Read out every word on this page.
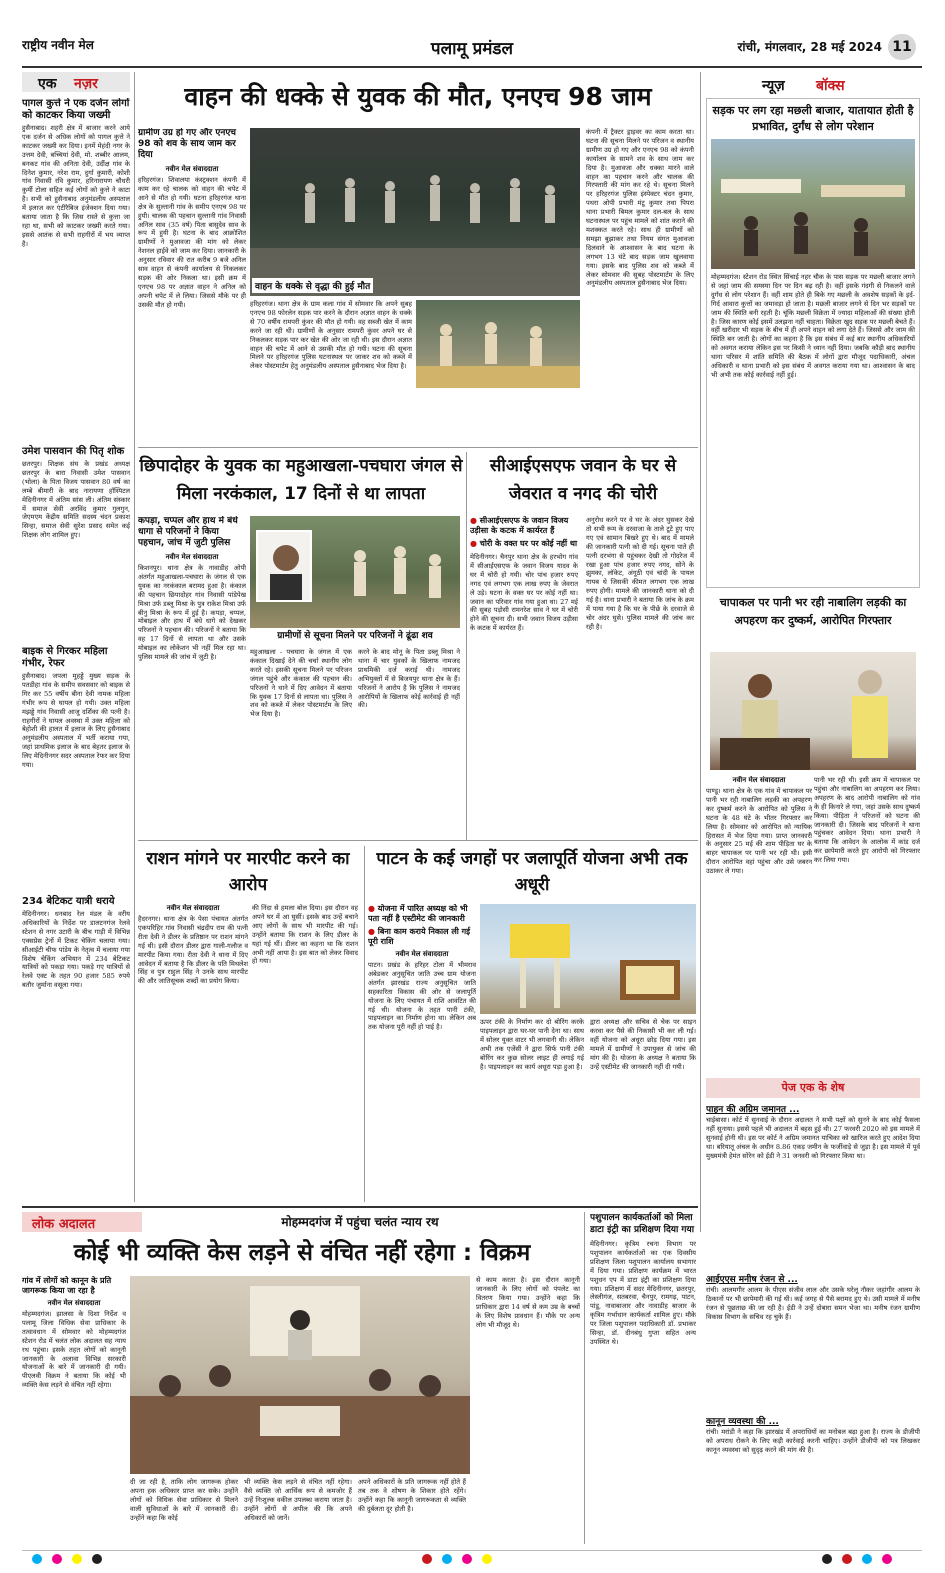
राष्ट्रीय नवीन मेल	पलामू प्रमंडल	रांची, मंगलवार, 28 मई 2024 11
एक नज़र
पागल कुत्ते ने एक दर्जन लोगों को काटकर किया जख्मी
हुसैनाबाद। शहरी क्षेत्र में बाजार करने आये एक दर्जन से अधिक लोगों को पागल कुत्ते ने काटकर जख्मी कर दिया। इनमें मेहंदी नगर के उत्तम देवी, बच्चियां देवी, मो. शब्बीर आलम, बनकट गांव की अनिता देवी, उर्दीक्ष गांव के दिनेश कुमार, नरेश राम, दुर्गा कुमारी, कोशी गांव निवासी रवि कुमार, हरिनारायण चौधरी कुर्मी टोला सहित कई लोगों को कुत्ते ने काटा है। सभी को हुसैनाबाद अनुमंडलीय अस्पताल में इलाज कर एंटीरैबिज इंजेक्शन दिया गया। बताया जाता है कि जिस रास्ते से कुत्ता जा रहा था, सभी को काटकर जख्मी करते गया। इससे आतंक से सभी राहगीरों में भय व्याप्त है।
उमेश पासवान की पितृ शोक
छतरपुर। शिक्षक संघ के प्रखंड अध्यक्ष छतरपुर के बारा निवासी उमेश पासवान (भोला) के पिता विजय पासवान 80 वर्ष का लम्बे बीमारी के बाद नारायणा हॉस्पिटल मेदिनीनगर में अंतिम सांस ली। अंतिम संस्कार में समाज सेवी अरविंद कुमार गुलगुन, जेएमएम केंद्रीय समिति सदस्य चंदन प्रकाश सिन्हा, समाज सेवी सुरेश प्रसाद समेत कई शिक्षक लोग शामिल हुए।
बाइक से गिरकर महिला गंभीर, रेफर
हुसैनाबाद। जपला मुहड्डे मुख्य सड़क के पतडीहा गांव के समीप सवसवार को बाइक से गिर कर 55 वर्षीय बीना देवी नामक महिला गंभीर रूप से घायल हो गयी। उक्त महिला मझड्डे गांव निवासी आजु दर्शिका की पत्नी है। राहगीरों ने घायल अवस्था में उक्त महिला को बेहोशी की हालत में इलाज के लिए हुसैनाबाद अनुमंडलीय अस्पताल में भर्ती कराया गया, जहां प्राथमिक इलाज के बाद बेहतर इलाज के लिए मेदिनीनगर सदर अस्पताल रेफर कर दिया गया।
234 बेटिकट यात्री धराये
मेदिनीनगर। धनबाद रेल मंडल के वरीय अधिकारियों के निर्देश पर डालटनगंज रेलवे स्टेशन से नगर उटारी के बीच गाड़ी में विभिन्न एक्सप्रेस ट्रेनों में टिकट चेकिंग चलाया गया। सीआईटी चीफ पांडेय के नेतृत्व में चलाया गया विशेष चेकिंग अभियान में 234 बेटिकट यात्रियों को पकड़ा गया। पकड़े गए यात्रियों से रेलवे एक्ट के तहत 90 हजार 585 रुपये बतौर जुर्माना वसूला गया।
वाहन की धक्के से युवक की मौत, एनएच 98 जाम
ग्रामीण उग्र हो गए और एनएच 98 को शव के साथ जाम कर दिया
नवीन मेल संवाददाता
हरिहरगंज। शिवालया कंस्ट्रक्शन कंपनी में काम कर रहे चालक को वाहन की चपेट में आने से मौत हो गयी। घटना हरिहरगंज थाना क्षेत्र के सुल्तानी गांव के समीप एनएच 98 पर हुयी। चालक की पहचान सुल्तानी गांव निवासी अनिल साव (35 वर्ष) पिता बासुदेव साव के रूप में हुयी है। घटना के बाद आक्रोशित ग्रामीणों ने मुआवजा की मांग को लेकर नेशनल हाईवे को जाम कर दिया। जानकारी के अनुसार रविवार की रात करीब 9 बजे अनिल साव वाहन से कंपनी कार्यालय से निकलकर सड़क की ओर निकला था। इसी क्रम में एनएच 98 पर अज्ञात वाहन ने अनिल को अपनी चपेट में ले लिया। जिससे मौके पर ही उसकी मौत हो गयी।
वाहन के धक्के से वृद्धा की हुई मौत
हरिहरगंज। थाना क्षेत्र के ग्राम कला गांव में सोमवार कि अपने सुबह एनएच 98 फोरलेन सड़क पार करने के दौरान अज्ञात वाहन के धक्के से 70 वर्षीय रामपरी कुंवर की मौत हो गयी। वह सब्जी खेत में काम करने जा रही थी। ग्रामीणों के अनुसार रामपरी कुंवर अपने घर से निकलकर सड़क पार कर खेत की ओर जा रही थी। इस दौरान अज्ञात वाहन की चपेट में आने से उसकी मौत हो गयी। घटना की सूचना मिलने पर हरिहरगंज पुलिस घटनास्थल पर जाकर शव को कब्जे में लेकर पोस्टमार्टम हेतु अनुमंडलीय अस्पताल हुसैनाबाद भेज दिया है।
कंपनी में ट्रैक्टर ड्राइवर का काम करता था। घटना की सूचना मिलने पर परिजन व स्थानीय ग्रामीण उग्र हो गए और एनएच 98 को कंपनी कार्यालय के सामने शव के साथ जाम कर दिया है। मुआवजा और धक्का मारने वाले वाहन का पहचान करने और चालक की गिरफ्तारी की मांग कर रहे थे। सूचना मिलने पर हरिहरगंज पुलिस इंस्पेक्टर चंदन कुमार, पथरा ओपी प्रभारी मंटू कुमार तथा पिपरा थाना प्रभारी बिमल कुमार दल-बल के साथ घटनास्थल पर पहुंच मामले को शांत कराने की मशक्कत करते रहे। साथ ही ग्रामीणों को समझा बुझाकर तथा नियम संगत मुआवजा दिलवाने के आश्वासन के बाद घटना के लगभग 13 घंटे बाद सड़क जाम खुलवाया गया। इसके बाद पुलिस शव को कब्जे में लेकर सोमवार की सुबह पोस्टमार्टम के लिए अनुमंडलीय अस्पताल हुसैनाबाद भेज दिया।
छिपादोहर के युवक का महुआखला-पचघारा जंगल से मिला नरकंकाल, 17 दिनों से था लापता
कपड़ा, चप्पल और हाथ में बंधे धागा से परिजनों ने किया पहचान, जांच में जुटी पुलिस
नवीन मेल संवाददाता
किशनपुर। थाना क्षेत्र के नावाडीह ओपी अंतर्गत महुआखला-पचघारा के जंगल से एक युवक का नरकंकाल बरामद हुआ है। कंकाल की पहचान छिपादोहर गांव निवासी पांडेपेख मिश्रा उर्फ डब्लू मिश्रा के पुत्र राकेश मिश्रा उर्फ बीनु मिश्रा के रूप में हुई है। कपड़ा, चप्पल, मोबाइल और हाथ में बंधे धागे को देखकर परिजनों ने पहचान की। परिजनों ने बताया कि वह 17 दिनों से लापता था और उसके मोबाइल का लोकेशन भी नहीं मिल रहा था। पुलिस मामले की जांच में जुटी है।
ग्रामीणों से सूचना मिलने पर परिजनों ने ढूंढा शव
महुआखला - पचघारा के जंगल में एक कंकाल दिखाई देने की चर्चा स्थानीय लोग करते रहे। इसकी सूचना मिलने पर परिजन जंगल पहुंचे और कंकाल की पहचान की। परिजनों ने थाने में दिए आवेदन में बताया कि युवक 17 दिनों से लापता था। पुलिस ने शव को कब्जे में लेकर पोस्टमार्टम के लिए भेज दिया है।
करने के बाद मोनू के पिता डब्लू मिश्रा ने थाना में चार युवकों के खिलाफ नामजद प्राथमिकी दर्ज कराई थी। नामजद अभियुक्तों में से बिजयपुर थाना क्षेत्र के हैं। परिजनों ने आरोप है कि पुलिस ने नामजद आरोपियों के खिलाफ कोई कार्रवाई ही नहीं की।
सीआईएसएफ जवान के घर से जेवरात व नगद की चोरी
● सीआईएसएफ के जवान विजय उड़ीसा के कटक में कार्यरत हैं
● चोरी के वक्त घर पर कोई नहीं था
मेदिनीनगर। चैनपुर थाना क्षेत्र के हरभोग गांव में सीआईएसएफ के जवान विजय यादव के घर में चोरी हो गयी। चोर पांच हजार रुपए नगद एवं लगभग एक लाख रुपए के जेवरात ले उड़े। घटना के वक्त घर पर कोई नहीं था। जवान का परिवार गांव गया हुआ था। 27 मई की सुबह पड़ोसी रामनरेश साव ने घर में चोरी होने की सूचना दी। सभी जवान विजय उड़ीसा के कटक में कार्यरत हैं।
अनुरोध करने पर वे घर के अंदर घुसकर देखे तो सभी रूम के दरवाजा के ताले टूटे हुए पाए गए एवं सामान बिखरे हुए थे। बाद में मामले की जानकारी पत्नी को दी गई। सूचना पाते ही पत्नी दरभंगा से पहुंचकर देखी तो गोदरेज में रखा हुआ पांच हजार रुपए नगद, सोने के झुमका, लॉकेट, अंगूठी एवं चांदी के पायल गायब थे जिसकी कीमत लगभग एक लाख रुपए होगी। मामले की जानकारी थाना को दी गई है। थाना प्रभारी ने बताया कि जांच के क्रम में पाया गया है कि घर के पीछे के दरवाजे से चोर अंदर घुसे। पुलिस मामले की जांच कर रही है।
राशन मांगने पर मारपीट करने का आरोप
नवीन मेल संवाददाता
हैदरनगर। थाना क्षेत्र के पेसा पंचायत अंतर्गत एकपरिहिर गांव निवासी चंद्रदीप राम की पत्नी रीता देवी ने डीलर के प्रतिष्ठान पर राशन मांगने गई थी। इसी दौरान डीलर द्वारा गाली-गलौज व मारपीट किया गया। रीता देवी ने थाना में दिए आवेदन में बताया है कि डीलर के पति मिथलेश सिंह व पुत्र राहुल सिंह ने उनके साथ मारपीट की और जातिसूचक शब्दों का प्रयोग किया।
की निंदा से हमला बोल दिया। इस दौरान वह अपने घर में आ घुसीं। इसके बाद उन्हें बचाने आए लोगों के साथ भी मारपीट की गई। उन्होंने बताया कि राशन के लिए डीलर के यहां गई थीं। डीलर का कहना था कि राशन अभी नहीं आया है। इस बात को लेकर विवाद हो गया।
पाटन के कई जगहों पर जलापूर्ति योजना अभी तक अधूरी
● योजना में पारित अध्यक्ष को भी पता नहीं है एस्टीमेट की जानकारी
● बिना काम कराये निकाल ली गई पूरी राशि
नवीन मेल संवाददाता
पाटन। प्रखंड के हरिहर टोला में भीमराव अंबेडकर अनुसूचित जाति उच्च ग्राम योजना अंतर्गत झारखंड राज्य अनुसूचित जाति सहकारिता विकास की ओर से जलापूर्ति योजना के लिए पंचायत में राशि आवंटित की गई थी। योजना के तहत पानी टंकी, पाइपलाइन का निर्माण होना था। लेकिन अब तक योजना पूरी नहीं हो पाई है।
ऊपर टंकी के निर्माण कर दो बोरिंग करके पाइपलाइन द्वारा घर-घर पानी देना था। साथ में सोलर युक्त वाटर भी लगवानी थी। लेकिन अभी तक एजेंसी ने द्वारा सिर्फ पानी टंकी बोरिंग कर कुछ सोलर लाइट ही लगाई गई है। पाइपलाइन का कार्य अधूरा पड़ा हुआ है।
द्वारा अध्यक्ष और सचिव से चेक पर साइन करवा कर पैसे की निकासी भी कर ली गई। वहीं योजना को अधूरा छोड़ दिया गया। इस मामले में ग्रामीणों ने उपायुक्त से जांच की मांग की है। योजना के अध्यक्ष ने बताया कि उन्हें एस्टीमेट की जानकारी नहीं दी गयी।
न्यूज़ बॉक्स
सड़क पर लग रहा मछली बाजार, यातायात होती है प्रभावित, दुर्गंध से लोग परेशान
मोहम्मदगंज। स्टेशन रोड स्थित सिंचाई नहर चौक के पास सड़क पर मछली बाजार लगने से जहां जाम की समस्या दिन पर दिन बढ़ रही है। वहीं इसके गंदगी से निकलने वाले दुर्गंध से लोग परेशान हैं। वहीं शाम होते ही बिके गए मछली के अवशेष सड़कों के इर्द-गिर्द आवारा कुत्तों का जमावड़ा हो जाता है। मछली बाजार लगने से दिन भर सड़कों पर जाम की स्थिति बनी रहती है। चूंकि मछली विक्रेता में ज्यादा महिलाओं की संख्या होती है। जिस कारण कोई इसमें उलझना नहीं चाहता। विक्रेता खुद सड़क पर मछली बेचते हैं। वहीं खरीदार भी सड़क के बीच में ही अपने वाहन को लगा देते हैं। जिससे और जाम की स्थिति बन जाती है। लोगों का कहना है कि इस संबंध में कई बार स्थानीय अधिकारियों को अवगत कराया लेकिन इस पर किसी ने ध्यान नहीं दिया। जबकि कौड़ी बाद स्थानीय थाना परिसर में शांति समिति की बैठक में लोगों द्वारा मौजूद पदाधिकारी, अंचल अधिकारी व थाना प्रभारी को इस संबंध में अवगत कराया गया था। आश्वासन के बाद भी अभी तक कोई कार्रवाई नहीं हुई।
चापाकल पर पानी भर रही नाबालिग लड़की का अपहरण कर दुष्कर्म, आरोपित गिरफ्तार
नवीन मेल संवाददाता
पाण्डू। थाना क्षेत्र के एक गांव में चापाकल पर पानी भर रही नाबालिग लड़की का अपहरण कर दुष्कर्म करने के आरोपित को पुलिस ने घटना के 48 घंटे के भीतर गिरफ्तार कर लिया है। सोमवार को आरोपित को न्यायिक हिरासत में भेज दिया गया। प्राप्त जानकारी के अनुसार 25 मई की शाम पीड़िता घर के बाहर चापाकल पर पानी भर रही थी। इसी दौरान आरोपित वहां पहुंचा और उसे जबरन उठाकर ले गया।
पानी भर रही थी। इसी क्रम में चापाकल पर पहुंचा और नाबालिग का अपहरण कर लिया। अपहरण के बाद आरोपी नाबालिग को गांव के ही किनारे ले गया, जहां उसके साथ दुष्कर्म किया। पीड़िता ने परिजनों को घटना की जानकारी दी। जिसके बाद परिजनों ने थाना पहुंचकर आवेदन दिया। थाना प्रभारी ने बताया कि आवेदन के आलोक में कांड दर्ज कर छापेमारी करते हुए आरोपी को गिरफ्तार कर लिया गया।
पेज एक के शेष
पाहन की अग्रिम जमानत ...
चाईबासा। कोर्ट में सुनवाई के दौरान अदालत ने सभी पक्षों को सुनने के बाद कोई फैसला नहीं सुनाया। इससे पहले भी अदालत में बहस हुई थी। 27 फरवरी 2020 को इस मामले में सुनवाई होनी थी। इस पर कोर्ट ने अग्रिम जमानत याचिका को खारिज करते हुए आदेश दिया था। बरियातू अंचल के अधीन 8.86 एकड़ जमीन के फर्जीवाड़े से जुड़ा है। इस मामले में पूर्व मुख्यमंत्री हेमंत सोरेन को ईडी ने 31 जनवरी को गिरफ्तार किया था।
आईएएस मनीष रंजन से ...
रांची। आलमगीर आलम के पीएस संजीव लाल और उसके घरेलू नौकर जहांगीर आलम के ठिकानों पर भी छापेमारी की गई थी। कई जगह से पैसे बरामद हुए थे। उसी मामले में मनीष रंजन से पूछताछ की जा रही है। ईडी ने उन्हें दोबारा समन भेजा था। मनीष रंजन ग्रामीण विकास विभाग के सचिव रह चुके हैं।
कानून व्यवस्था की ...
रांची। मरांडी ने कहा कि झारखंड में अपराधियों का मनोबल बढ़ा हुआ है। राज्य के डीजीपी को अपराध रोकने के लिए कड़ी कार्रवाई करनी चाहिए। उन्होंने डीजीपी को पत्र लिखकर कानून व्यवस्था को सुदृढ़ करने की मांग की है।
लोक अदालत	मोहम्मदगंज में पहुंचा चलंत न्याय रथ
कोई भी व्यक्ति केस लड़ने से वंचित नहीं रहेगा : विक्रम
गांव में लोगों को कानून के प्रति जागरूक किया जा रहा है
नवीन मेल संवाददाता
मोहम्मदगंज। झालसा के दिशा निर्देश व पलामू जिला विधिक सेवा प्राधिकार के तत्वावधान में सोमवार को मोहम्मदगंज स्टेशन रोड में चलंत लोक अदालत सह न्याय रथ पहुंचा। इसके तहत लोगों को कानूनी जानकारी के अलावा विभिन्न सरकारी योजनाओं के बारे में जानकारी दी गयी। पीएलवी विक्रम ने बताया कि कोई भी व्यक्ति केस लड़ने से वंचित नहीं रहेगा।
दी जा रही है, ताकि लोग जागरूक होकर अपना हक अधिकार प्राप्त कर सके। उन्होंने लोगों को विधिक सेवा प्राधिकार से मिलने वाली सुविधाओं के बारे में जानकारी दी। उन्होंने कहा कि कोई
भी व्यक्ति केस लड़ने से वंचित नहीं रहेगा। वैसे व्यक्ति जो आर्थिक रूप से कमजोर हैं उन्हें निःशुल्क वकील उपलब्ध कराया जाता है। उन्होंने लोगों से अपील की कि अपने अधिकारों को जानें।
अपने अधिकारों के प्रति जागरूक नहीं होते हैं तब तक वे शोषण के शिकार होते रहेंगे। उन्होंने कहा कि कानूनी जागरूकता से व्यक्ति की दुर्बलता दूर होती है।
से काम करता है। इस दौरान कानूनी जानकारी के लिए लोगों को पंपलेट का वितरण किया गया। उन्होंने कहा कि प्राधिकार द्वारा 14 वर्ष से कम उम्र के बच्चों के लिए विशेष प्रावधान हैं। मौके पर अन्य लोग भी मौजूद थे।
पशुपालन कार्यकर्ताओं को मिला डाटा इंट्री का प्रशिक्षण दिया गया
मेदिनीनगर। कृत्रिम रचना विभाग पर पशुपालन कार्यकर्ताओं का एक दिवसीय प्रशिक्षण जिला पशुपालन कार्यालय सभागार में दिया गया। प्रशिक्षण कार्यक्रम में भारत पशुधन एप में डाटा इंट्री का प्रशिक्षण दिया गया। प्रशिक्षण में सदर मेदिनीनगर, छतरपुर, लेस्लीगंज, सतबरवा, चैनपुर, रामगढ़, पाटन, पांडू, नावाबाजार और नावाडीह बाजार के कृत्रिम गर्भाधान कार्यकर्ता शामिल हुए। मौके पर जिला पशुपालन पदाधिकारी डॉ. प्रभाकर सिन्हा, डॉ. दीनबंधु गुप्ता सहित अन्य उपस्थित थे।
